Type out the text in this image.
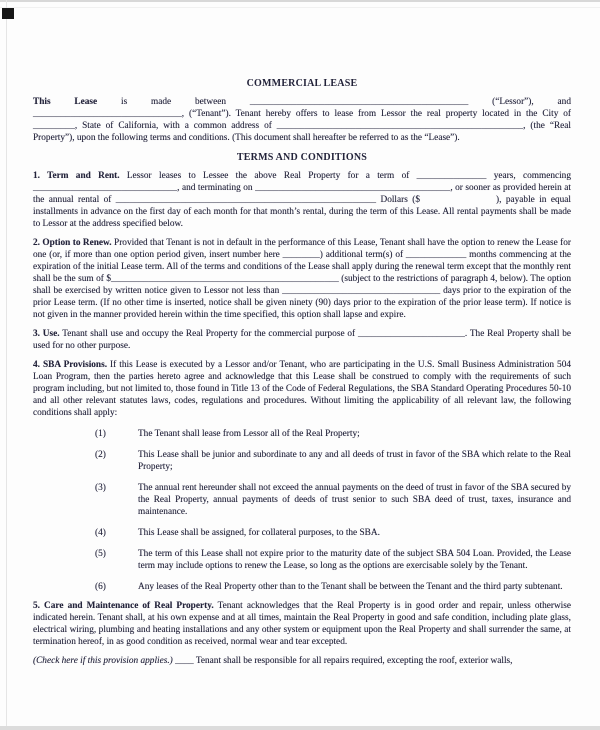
COMMERCIAL LEASE

This Lease is made between _______________________________________________ (“Lessor”), and ________________________________, (“Tenant”). Tenant hereby offers to lease from Lessor the real property located in the City of _________, State of California, with a common address of _____________________________________________________, (the “Real Property”), upon the following terms and conditions. (This document shall hereafter be referred to as the “Lease”).

TERMS AND CONDITIONS

1. Term and Rent. Lessor leases to Lessee the above Real Property for a term of _______________ years, commencing _______________________________, and terminating on __________________________________________, or sooner as provided herein at the annual rental of ________________________________________________________ Dollars ($	), payable in equal installments in advance on the first day of each month for that month’s rental, during the term of this Lease. All rental payments shall be made to Lessor at the address specified below.

2. Option to Renew. Provided that Tenant is not in default in the performance of this Lease, Tenant shall have the option to renew the Lease for one (or, if more than one option period given, insert number here ________) additional term(s) of _____________ months commencing at the expiration of the initial Lease term. All of the terms and conditions of the Lease shall apply during the renewal term except that the monthly rent shall be the sum of $_________________________________________________ (subject to the restrictions of paragraph 4, below). The option shall be exercised by written notice given to Lessor not less than __________________________________ days prior to the expiration of the prior Lease term. (If no other time is inserted, notice shall be given ninety (90) days prior to the expiration of the prior lease term). If notice is not given in the manner provided herein within the time specified, this option shall lapse and expire.

3. Use. Tenant shall use and occupy the Real Property for the commercial purpose of _______________________. The Real Property shall be used for no other purpose.

4. SBA Provisions. If this Lease is executed by a Lessor and/or Tenant, who are participating in the U.S. Small Business Administration 504 Loan Program, then the parties hereto agree and acknowledge that this Lease shall be construed to comply with the requirements of such program including, but not limited to, those found in Title 13 of the Code of Federal Regulations, the SBA Standard Operating Procedures 50-10 and all other relevant statutes laws, codes, regulations and procedures. Without limiting the applicability of all relevant law, the following conditions shall apply:

(1)	The Tenant shall lease from Lessor all of the Real Property;

(2)	This Lease shall be junior and subordinate to any and all deeds of trust in favor of the SBA which relate to the Real Property;

(3)	The annual rent hereunder shall not exceed the annual payments on the deed of trust in favor of the SBA secured by the Real Property, annual payments of deeds of trust senior to such SBA deed of trust, taxes, insurance and maintenance.

(4)	This Lease shall be assigned, for collateral purposes, to the SBA.

(5)	The term of this Lease shall not expire prior to the maturity date of the subject SBA 504 Loan. Provided, the Lease term may include options to renew the Lease, so long as the options are exercisable solely by the Tenant.

(6)	Any leases of the Real Property other than to the Tenant shall be between the Tenant and the third party subtenant.

5. Care and Maintenance of Real Property. Tenant acknowledges that the Real Property is in good order and repair, unless otherwise indicated herein. Tenant shall, at his own expense and at all times, maintain the Real Property in good and safe condition, including plate glass, electrical wiring, plumbing and heating installations and any other system or equipment upon the Real Property and shall surrender the same, at termination hereof, in as good condition as received, normal wear and tear excepted.

(Check here if this provision applies.) ____ Tenant shall be responsible for all repairs required, excepting the roof, exterior walls,
